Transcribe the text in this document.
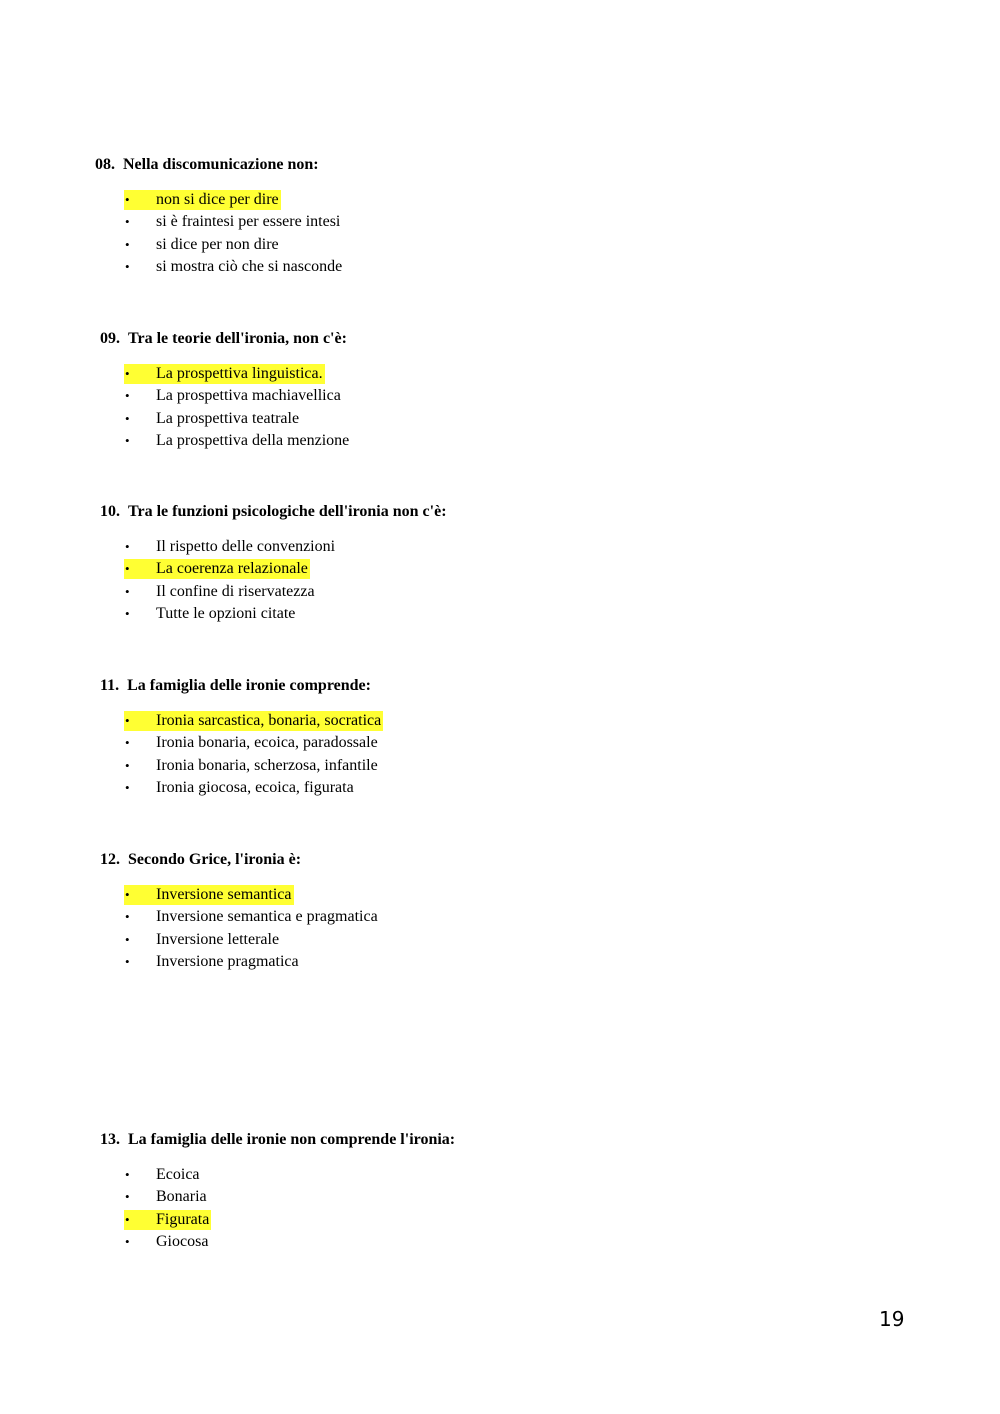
08. Nella discomunicazione non:
• non si dice per dire
• si è fraintesi per essere intesi
• si dice per non dire
• si mostra ciò che si nasconde
09. Tra le teorie dell'ironia, non c'è:
• La prospettiva linguistica.
• La prospettiva machiavellica
• La prospettiva teatrale
• La prospettiva della menzione
10. Tra le funzioni psicologiche dell'ironia non c'è:
• Il rispetto delle convenzioni
• La coerenza relazionale
• Il confine di riservatezza
• Tutte le opzioni citate
11. La famiglia delle ironie comprende:
• Ironia sarcastica, bonaria, socratica
• Ironia bonaria, ecoica, paradossale
• Ironia bonaria, scherzosa, infantile
• Ironia giocosa, ecoica, figurata
12. Secondo Grice, l'ironia è:
• Inversione semantica
• Inversione semantica e pragmatica
• Inversione letterale
• Inversione pragmatica
13. La famiglia delle ironie non comprende l'ironia:
• Ecoica
• Bonaria
• Figurata
• Giocosa
19
